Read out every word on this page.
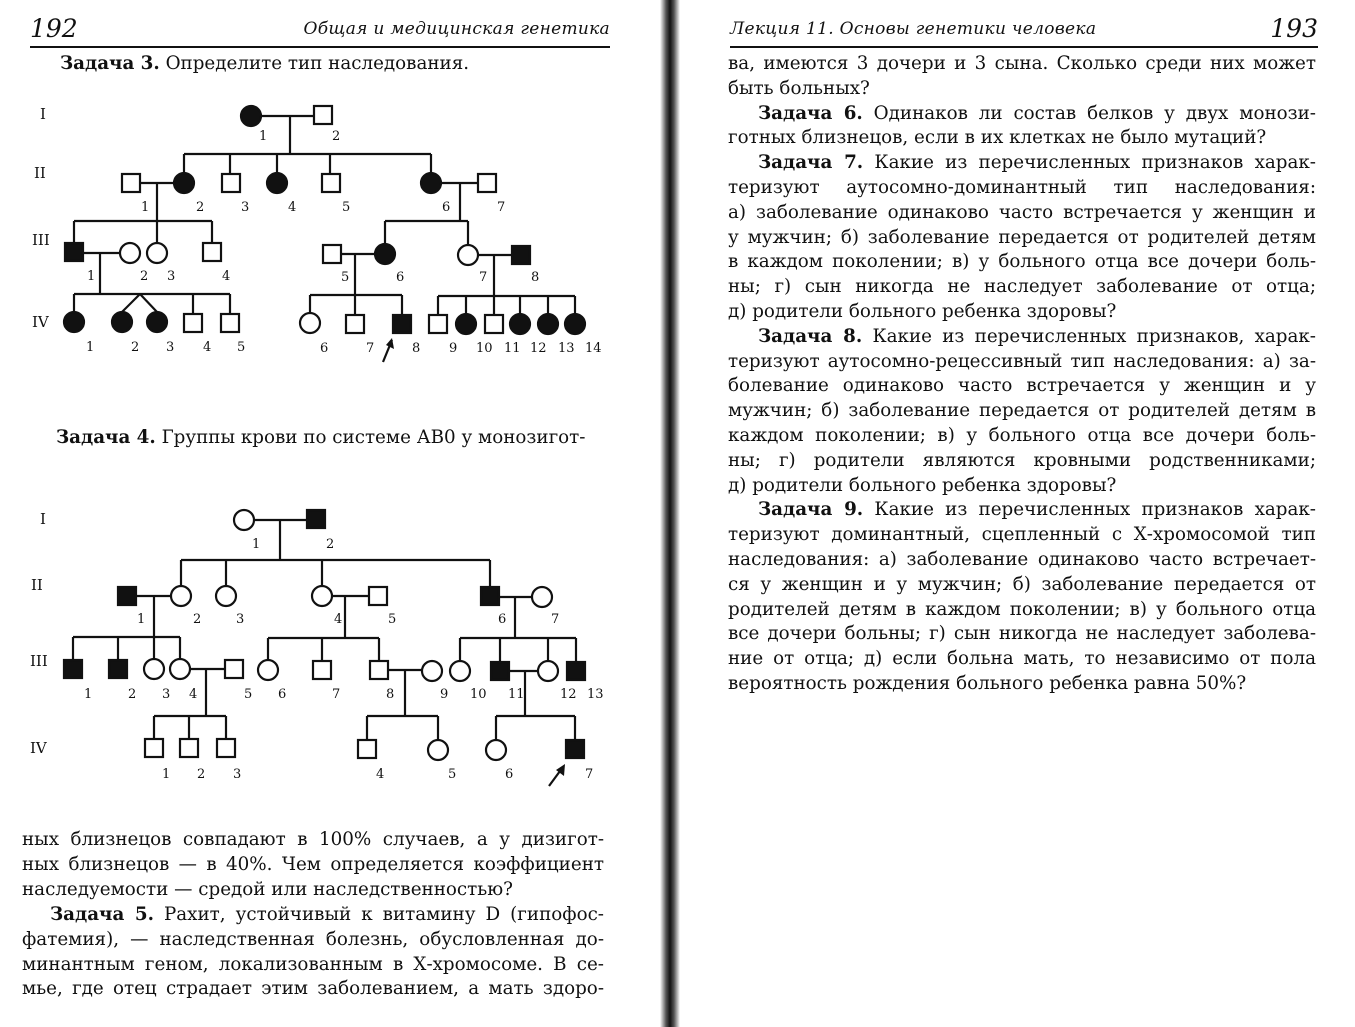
192	Общая и медицинская генетика
Задача 3. Определите тип наследования.
I
II
III
IV
1	2
1	2	3	4	5	6	7
1	2 3	4	5	6	7	8
1	2 3 4 5	6	7	8 9 10 11 12 13 14
Задача 4. Группы крови по системе АВ0 у монозигот-
I
II
III
IV
1	2
1	2	3	4	5	6	7
1	2 3 4	5 6	7	8	9 10 11	12 13
1 2 3	4	5	6	7
ных близнецов совпадают в 100% случаев, а у дизигот-
ных близнецов — в 40%. Чем определяется коэффициент
наследуемости — средой или наследственностью?
Задача 5. Рахит, устойчивый к витамину D (гипофос-
фатемия), — наследственная болезнь, обусловленная до-
минантным геном, локализованным в Х-хромосоме. В се-
мье, где отец страдает этим заболеванием, а мать здоро-
Лекция 11. Основы генетики человека	193
ва, имеются 3 дочери и 3 сына. Сколько среди них может
быть больных?
Задача 6. Одинаков ли состав белков у двух монози-
готных близнецов, если в их клетках не было мутаций?
Задача 7. Какие из перечисленных признаков харак-
теризуют аутосомно-доминантный тип наследования:
а) заболевание одинаково часто встречается у женщин и
у мужчин; б) заболевание передается от родителей детям
в каждом поколении; в) у больного отца все дочери боль-
ны; г) сын никогда не наследует заболевание от отца;
д) родители больного ребенка здоровы?
Задача 8. Какие из перечисленных признаков, харак-
теризуют аутосомно-рецессивный тип наследования: а) за-
болевание одинаково часто встречается у женщин и у
мужчин; б) заболевание передается от родителей детям в
каждом поколении; в) у больного отца все дочери боль-
ны; г) родители являются кровными родственниками;
д) родители больного ребенка здоровы?
Задача 9. Какие из перечисленных признаков харак-
теризуют доминантный, сцепленный с Х-хромосомой тип
наследования: а) заболевание одинаково часто встречает-
ся у женщин и у мужчин; б) заболевание передается от
родителей детям в каждом поколении; в) у больного отца
все дочери больны; г) сын никогда не наследует заболева-
ние от отца; д) если больна мать, то независимо от пола
вероятность рождения больного ребенка равна 50%?
